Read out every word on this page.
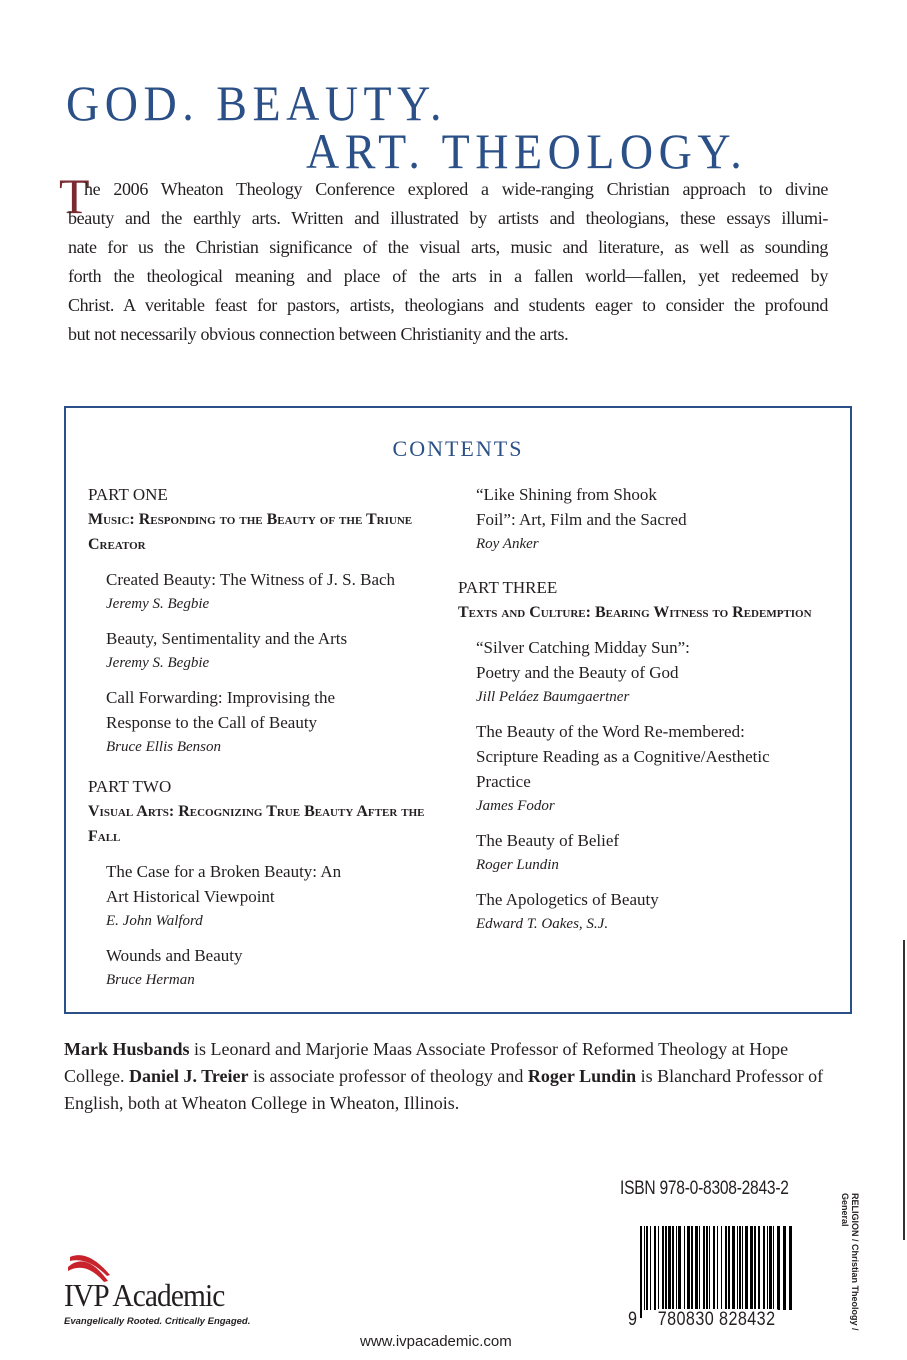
GOD. BEAUTY.
ART. THEOLOGY.
T
he 2006 Wheaton Theology Conference explored a wide-ranging Christian approach to divine
beauty and the earthly arts. Written and illustrated by artists and theologians, these essays illumi-
nate for us the Christian significance of the visual arts, music and literature, as well as sounding
forth the theological meaning and place of the arts in a fallen world—fallen, yet redeemed by
Christ. A veritable feast for pastors, artists, theologians and students eager to consider the profound
but not necessarily obvious connection between Christianity and the arts.
CONTENTS
PART ONE
Music: Responding to the Beauty of the Triune Creator
Created Beauty: The Witness of J. S. Bach
Jeremy S. Begbie
Beauty, Sentimentality and the Arts
Jeremy S. Begbie
Call Forwarding: Improvising the Response to the Call of Beauty
Bruce Ellis Benson
PART TWO
Visual Arts: Recognizing True Beauty After the Fall
The Case for a Broken Beauty: An Art Historical Viewpoint
E. John Walford
Wounds and Beauty
Bruce Herman
“Like Shining from Shook Foil”: Art, Film and the Sacred
Roy Anker
PART THREE
Texts and Culture: Bearing Witness to Redemption
“Silver Catching Midday Sun”: Poetry and the Beauty of God
Jill Peláez Baumgaertner
The Beauty of the Word Re-membered: Scripture Reading as a Cognitive/Aesthetic Practice
James Fodor
The Beauty of Belief
Roger Lundin
The Apologetics of Beauty
Edward T. Oakes, S.J.
Mark Husbands is Leonard and Marjorie Maas Associate Professor of Reformed Theology at Hope College. Daniel J. Treier is associate professor of theology and Roger Lundin is Blanchard Professor of English, both at Wheaton College in Wheaton, Illinois.
ISBN 978-0-8308-2843-2
9 780830 828432	RELIGION / Christian Theology /
General
IVP Academic
Evangelically Rooted. Critically Engaged.
www.ivpacademic.com
